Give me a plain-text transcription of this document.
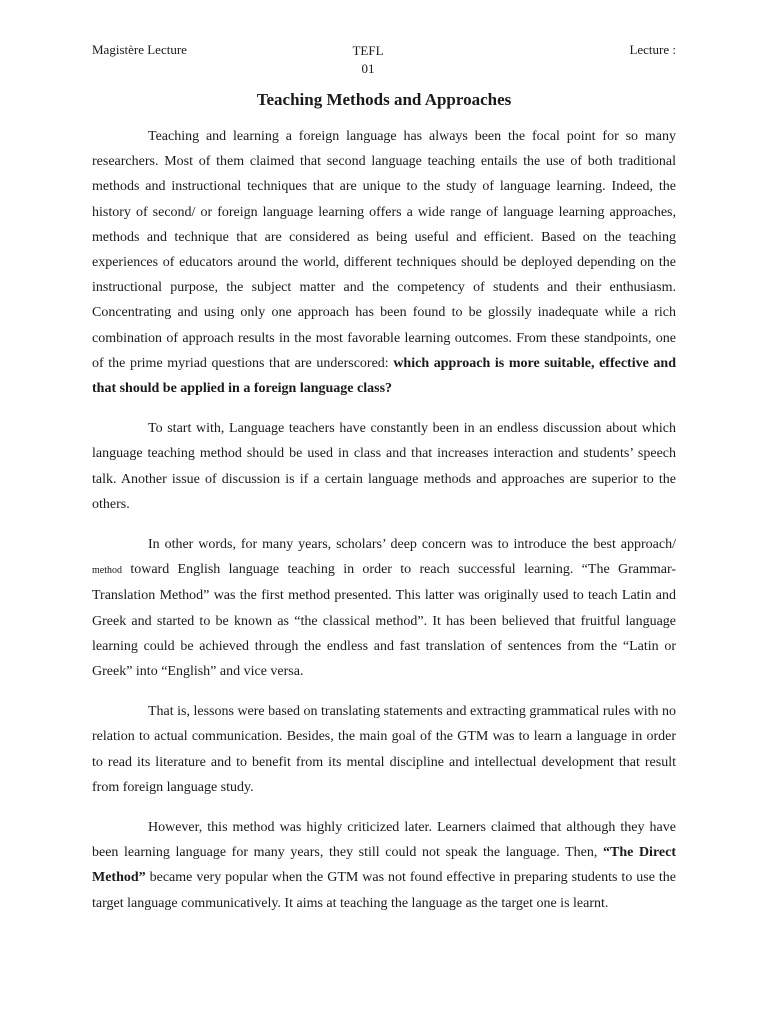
Magistère Lecture	TEFL
01
Lecture :
Teaching Methods and Approaches

Teaching and learning a foreign language has always been the focal point for so many researchers. Most of them claimed that second language teaching entails the use of both traditional methods and instructional techniques that are unique to the study of language learning. Indeed, the history of second/ or foreign language learning offers a wide range of language learning approaches, methods and technique that are considered as being useful and efficient. Based on the teaching experiences of educators around the world, different techniques should be deployed depending on the instructional purpose, the subject matter and the competency of students and their enthusiasm. Concentrating and using only one approach has been found to be glossily inadequate while a rich combination of approach results in the most favorable learning outcomes. From these standpoints, one of the prime myriad questions that are underscored: which approach is more suitable, effective and that should be applied in a foreign language class?

To start with, Language teachers have constantly been in an endless discussion about which language teaching method should be used in class and that increases interaction and students’ speech talk. Another issue of discussion is if a certain language methods and approaches are superior to the others.

In other words, for many years, scholars’ deep concern was to introduce the best approach/ method toward English language teaching in order to reach successful learning. “The Grammar- Translation Method” was the first method presented. This latter was originally used to teach Latin and Greek and started to be known as “the classical method”. It has been believed that fruitful language learning could be achieved through the endless and fast translation of sentences from the “Latin or Greek” into “English” and vice versa.

That is, lessons were based on translating statements and extracting grammatical rules with no relation to actual communication. Besides, the main goal of the GTM was to learn a language in order to read its literature and to benefit from its mental discipline and intellectual development that result from foreign language study.

However, this method was highly criticized later. Learners claimed that although they have been learning language for many years, they still could not speak the language. Then, “The Direct Method” became very popular when the GTM was not found effective in preparing students to use the target language communicatively. It aims at teaching the language as the target one is learnt.
